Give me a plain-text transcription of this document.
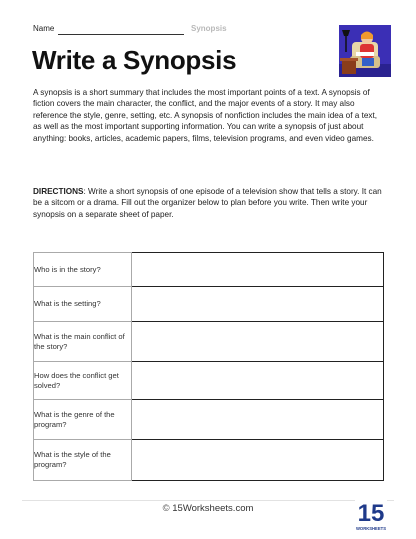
Name	Synopsis
Write a Synopsis

A synopsis is a short summary that includes the most important points of a text. A synopsis of fiction covers the main character, the conflict, and the major events of a story. It may also reference the style, genre, setting, etc. A synopsis of nonfiction includes the main idea of a text, as well as the most important supporting information. You can write a synopsis of just about anything: books, articles, academic papers, films, television programs, and even video games.

DIRECTIONS: Write a short synopsis of one episode of a television show that tells a story. It can be a sitcom or a drama. Fill out the organizer below to plan before you write. Then write your synopsis on a separate sheet of paper.

Who is in the story?	
What is the setting?	
What is the main conflict of the story?	
How does the conflict get solved?	
What is the genre of the program?	
What is the style of the program?	
© 15Worksheets.com	15
WORKSHEETS
